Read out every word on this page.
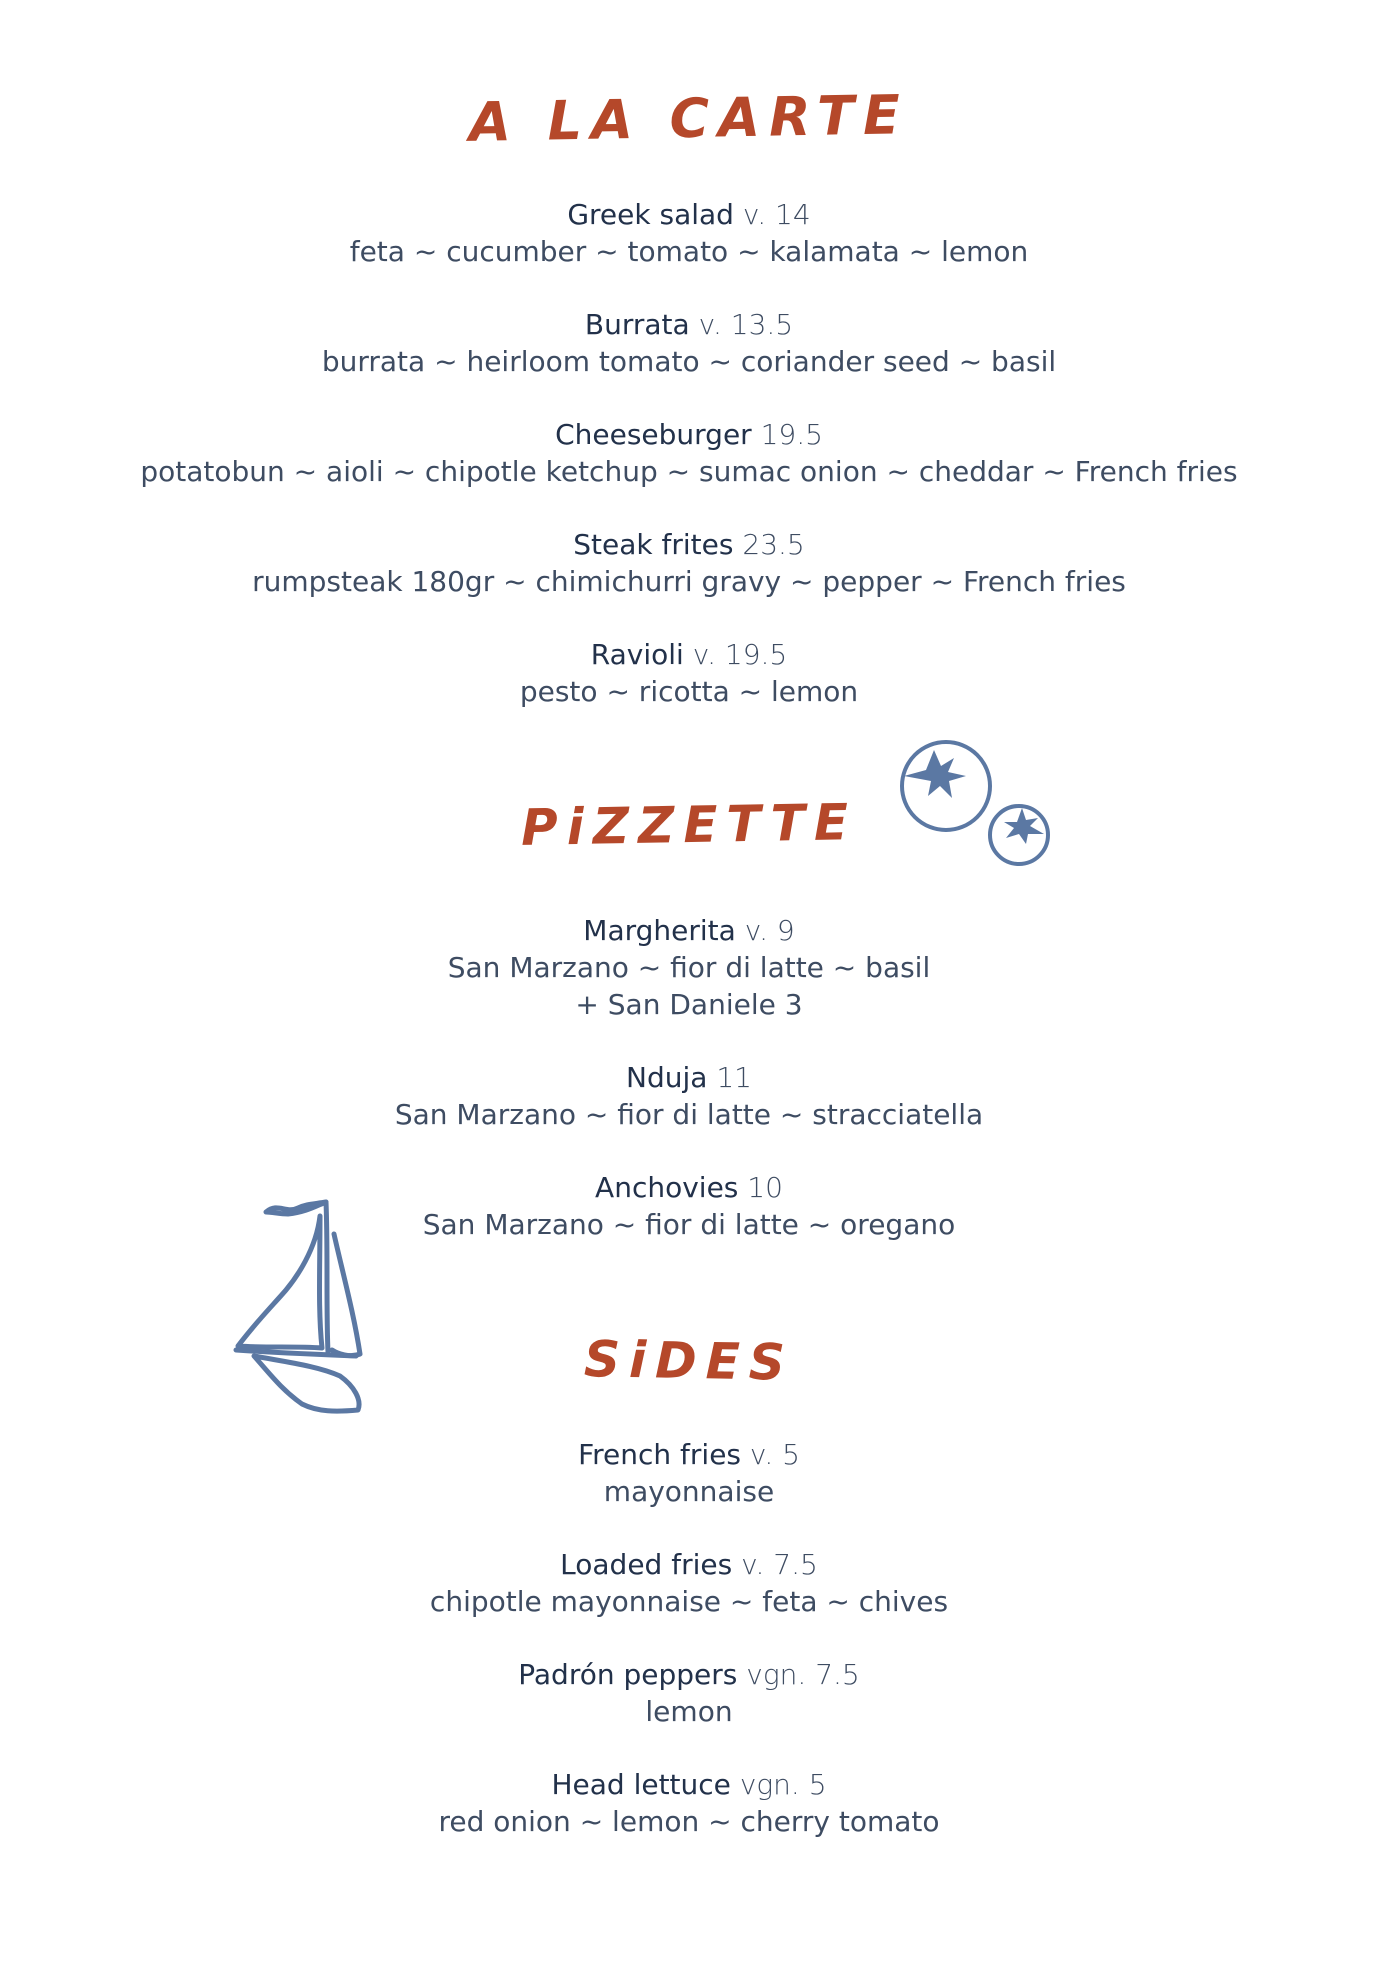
A LA CARTE

Greek salad v. 14
feta ~ cucumber ~ tomato ~ kalamata ~ lemon

Burrata v. 13.5
burrata ~ heirloom tomato ~ coriander seed ~ basil

Cheeseburger 19.5
potatobun ~ aioli ~ chipotle ketchup ~ sumac onion ~ cheddar ~ French fries

Steak frites 23.5
rumpsteak 180gr ~ chimichurri gravy ~ pepper ~ French fries

Ravioli v. 19.5
pesto ~ ricotta ~ lemon

PiZZETTE

Margherita v. 9
San Marzano ~ fior di latte ~ basil
+ San Daniele 3

Nduja 11
San Marzano ~ fior di latte ~ stracciatella

Anchovies 10
San Marzano ~ fior di latte ~ oregano

SiDES

French fries v. 5
mayonnaise

Loaded fries v. 7.5
chipotle mayonnaise ~ feta ~ chives

Padrón peppers vgn. 7.5
lemon

Head lettuce vgn. 5
red onion ~ lemon ~ cherry tomato
